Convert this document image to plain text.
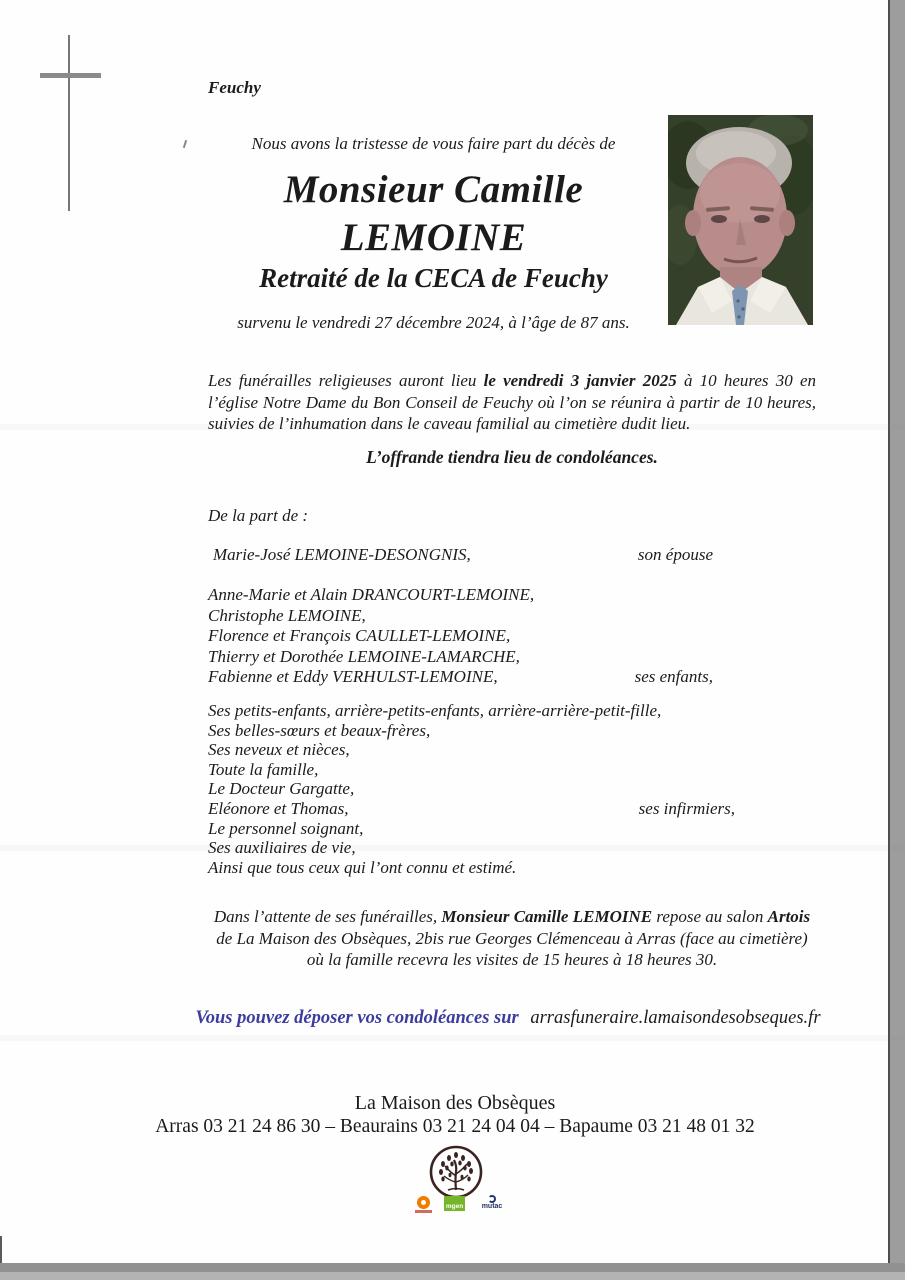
Feuchy
Nous avons la tristesse de vous faire part du décès de
Monsieur Camille
LEMOINE
Retraité de la CECA de Feuchy
survenu le vendredi 27 décembre 2024, à l’âge de 87 ans.
Les funérailles religieuses auront lieu le vendredi 3 janvier 2025 à 10 heures 30 en l’église Notre Dame du Bon Conseil de Feuchy où l’on se réunira à partir de 10 heures, suivies de l’inhumation dans le caveau familial au cimetière dudit lieu.
L’offrande tiendra lieu de condoléances.
De la part de :
Marie-José LEMOINE-DESONGNIS,	son épouse
Anne-Marie et Alain DRANCOURT-LEMOINE,
Christophe LEMOINE,
Florence et François CAULLET-LEMOINE,
Thierry et Dorothée LEMOINE-LAMARCHE,
Fabienne et Eddy VERHULST-LEMOINE,	ses enfants,
Ses petits-enfants, arrière-petits-enfants, arrière-arrière-petit-fille,
Ses belles-sœurs et beaux-frères,
Ses neveux et nièces,
Toute la famille,
Le Docteur Gargatte,
Eléonore et Thomas,	ses infirmiers,
Le personnel soignant,
Ses auxiliaires de vie,
Ainsi que tous ceux qui l’ont connu et estimé.
Dans l’attente de ses funérailles, Monsieur Camille LEMOINE repose au salon Artois de La Maison des Obsèques, 2bis rue Georges Clémenceau à Arras (face au cimetière) où la famille recevra les visites de 15 heures à 18 heures 30.
Vous pouvez déposer vos condoléances sur arrasfuneraire.lamaisondesobseques.fr
La Maison des Obsèques
Arras 03 21 24 86 30 – Beaurains 03 21 24 04 04 – Bapaume 03 21 48 01 32
mgen	mutac
